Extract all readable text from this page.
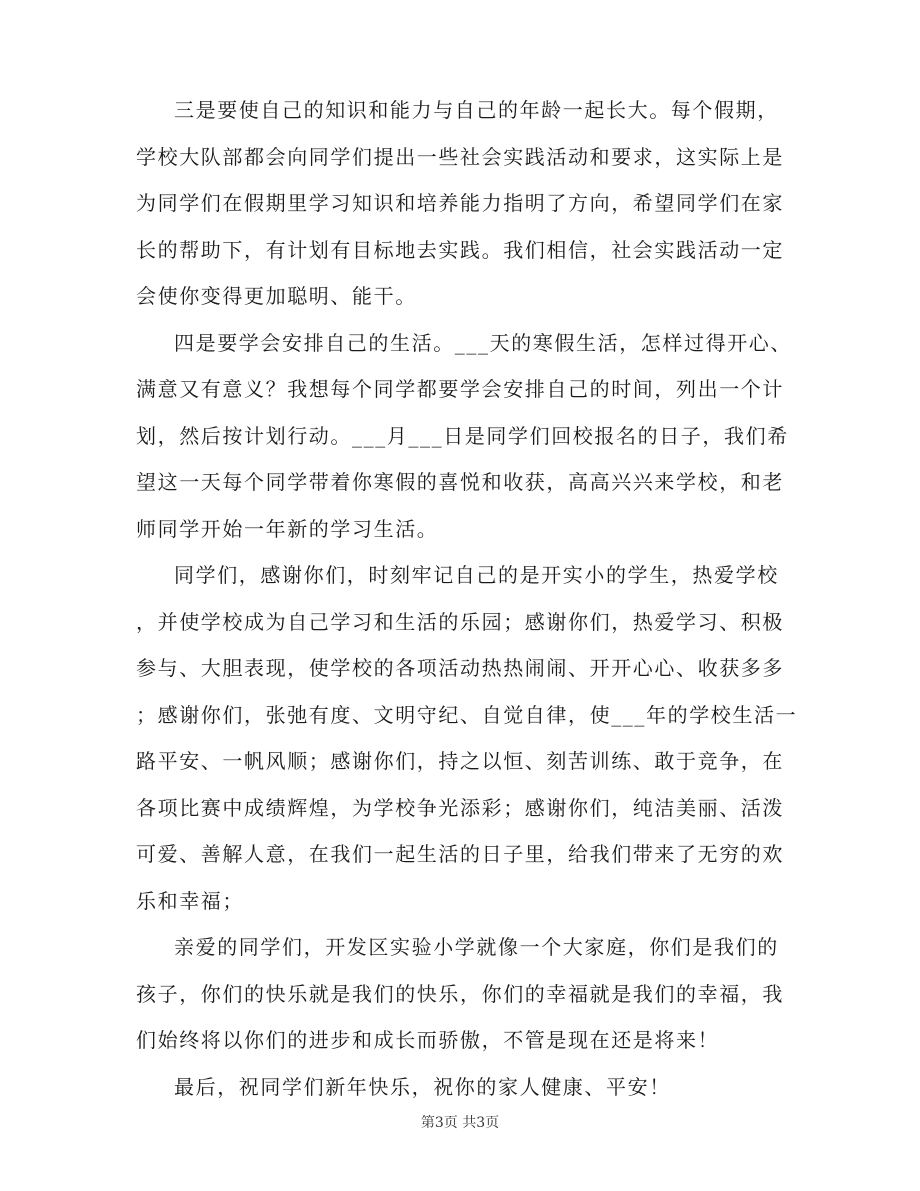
三是要使自己的知识和能力与自己的年龄一起长大。每个假期，
学校大队部都会向同学们提出一些社会实践活动和要求，这实际上是
为同学们在假期里学习知识和培养能力指明了方向，希望同学们在家
长的帮助下，有计划有目标地去实践。我们相信，社会实践活动一定
会使你变得更加聪明、能干。
四是要学会安排自己的生活。___天的寒假生活，怎样过得开心、
满意又有意义？我想每个同学都要学会安排自己的时间，列出一个计
划，然后按计划行动。___月___日是同学们回校报名的日子，我们希
望这一天每个同学带着你寒假的喜悦和收获，高高兴兴来学校，和老
师同学开始一年新的学习生活。
同学们，感谢你们，时刻牢记自己的是开实小的学生，热爱学校
，并使学校成为自己学习和生活的乐园；感谢你们，热爱学习、积极
参与、大胆表现，使学校的各项活动热热闹闹、开开心心、收获多多
；感谢你们，张弛有度、文明守纪、自觉自律，使___年的学校生活一
路平安、一帆风顺；感谢你们，持之以恒、刻苦训练、敢于竞争，在
各项比赛中成绩辉煌，为学校争光添彩；感谢你们，纯洁美丽、活泼
可爱、善解人意，在我们一起生活的日子里，给我们带来了无穷的欢
乐和幸福；
亲爱的同学们，开发区实验小学就像一个大家庭，你们是我们的
孩子，你们的快乐就是我们的快乐，你们的幸福就是我们的幸福，我
们始终将以你们的进步和成长而骄傲，不管是现在还是将来！
最后，祝同学们新年快乐，祝你的家人健康、平安！
第3页 共3页
